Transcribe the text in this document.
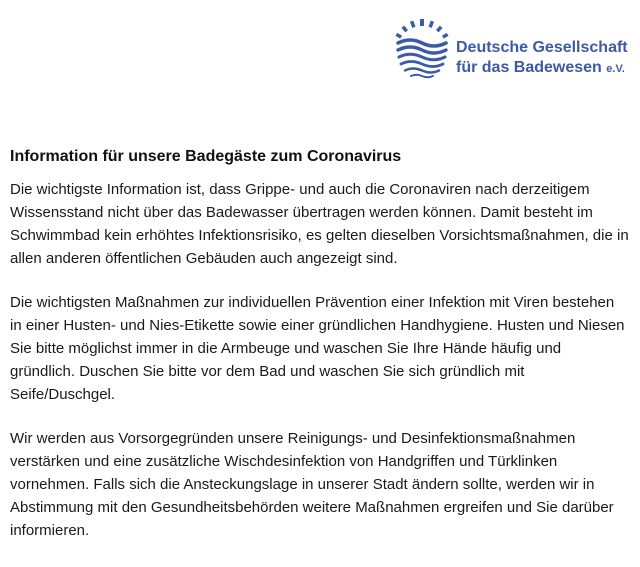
Deutsche Gesellschaft
für das Badewesen e.V.
Information für unsere Badegäste zum Coronavirus

Die wichtigste Information ist, dass Grippe- und auch die Coronaviren nach derzeitigem Wissensstand nicht über das Badewasser übertragen werden können. Damit besteht im Schwimmbad kein erhöhtes Infektionsrisiko, es gelten dieselben Vorsichtsmaßnahmen, die in allen anderen öffentlichen Gebäuden auch angezeigt sind.

Die wichtigsten Maßnahmen zur individuellen Prävention einer Infektion mit Viren bestehen in einer Husten- und Nies-Etikette sowie einer gründlichen Handhygiene. Husten und Niesen Sie bitte möglichst immer in die Armbeuge und waschen Sie Ihre Hände häufig und gründlich. Duschen Sie bitte vor dem Bad und waschen Sie sich gründlich mit Seife/Duschgel.

Wir werden aus Vorsorgegründen unsere Reinigungs- und Desinfektionsmaßnahmen verstärken und eine zusätzliche Wischdesinfektion von Handgriffen und Türklinken vornehmen. Falls sich die Ansteckungslage in unserer Stadt ändern sollte, werden wir in Abstimmung mit den Gesundheitsbehörden weitere Maßnahmen ergreifen und Sie darüber informieren.
